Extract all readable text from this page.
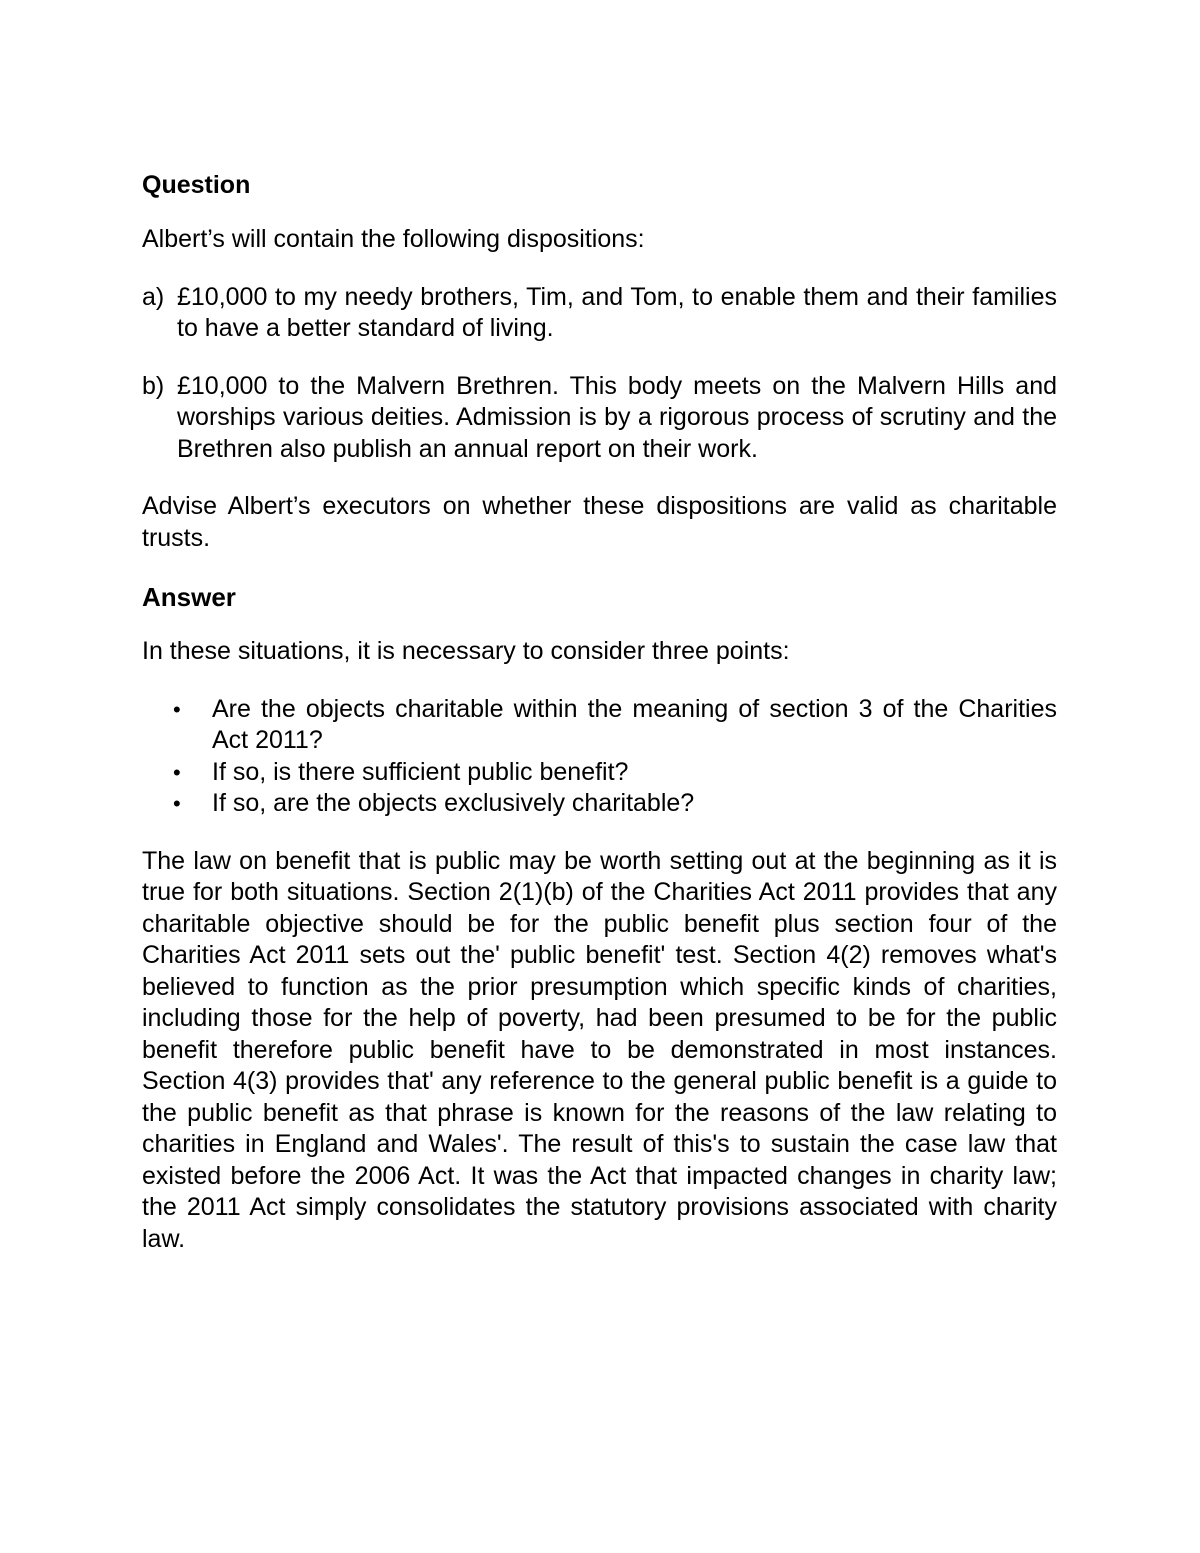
Question

Albert’s will contain the following dispositions:

a) £10,000 to my needy brothers, Tim, and Tom, to enable them and their families to have a better standard of living.
b) £10,000 to the Malvern Brethren. This body meets on the Malvern Hills and worships various deities. Admission is by a rigorous process of scrutiny and the Brethren also publish an annual report on their work.

Advise Albert’s executors on whether these dispositions are valid as charitable trusts.

Answer

In these situations, it is necessary to consider three points:

• Are the objects charitable within the meaning of section 3 of the Charities Act 2011?
• If so, is there sufficient public benefit?
• If so, are the objects exclusively charitable?

The law on benefit that is public may be worth setting out at the beginning as it is true for both situations. Section 2(1)(b) of the Charities Act 2011 provides that any charitable objective should be for the public benefit plus section four of the Charities Act 2011 sets out the' public benefit' test. Section 4(2) removes what's believed to function as the prior presumption which specific kinds of charities, including those for the help of poverty, had been presumed to be for the public benefit therefore public benefit have to be demonstrated in most instances. Section 4(3) provides that' any reference to the general public benefit is a guide to the public benefit as that phrase is known for the reasons of the law relating to charities in England and Wales'. The result of this's to sustain the case law that existed before the 2006 Act. It was the Act that impacted changes in charity law; the 2011 Act simply consolidates the statutory provisions associated with charity law.
